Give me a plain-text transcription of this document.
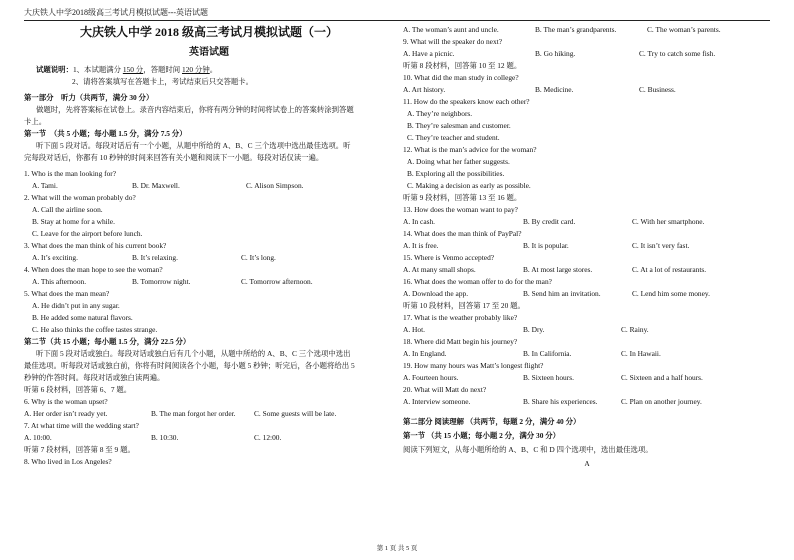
大庆铁人中学2018级高三考试月模拟试题---英语试题
大庆铁人中学 2018 级高三考试月模拟试题（一）
英语试题
试题说明：1、本试题满分 150 分，答题时间 120 分钟。
2、请将答案填写在答题卡上，考试结束后只交答题卡。
第一部分　听力（共两节，满分 30 分）
做题时，先将答案标在试卷上。录音内容结束后，你将有两分钟的时间将试卷上的答案转涂到答题
卡上。
第一节　（共 5 小题；每小题 1.5 分，满分 7.5 分）
听下面 5 段对话。每段对话后有一个小题，从题中所给的 A、B、C 三个选项中选出最佳选项。听
完每段对话后，你都有 10 秒钟的时间来回答有关小题和阅读下一小题。每段对话仅读一遍。
1. Who is the man looking for?
A. Tami.	B. Dr. Maxwell.	C. Alison Simpson.
2. What will the woman probably do?
A. Call the airline soon.
B. Stay at home for a while.
C. Leave for the airport before lunch.
3. What does the man think of his current book?
A. It’s exciting.	B. It’s relaxing.	C. It’s long.
4. When does the man hope to see the woman?
A. This afternoon.	B. Tomorrow night.	C. Tomorrow afternoon.
5. What does the man mean?
A. He didn’t put in any sugar.
B. He added some natural flavors.
C. He also thinks the coffee tastes strange.
第二节（共 15 小题；每小题 1.5 分，满分 22.5 分）
听下面 5 段对话或独白。每段对话或独白后有几个小题，从题中所给的 A、B、C 三个选项中选出
最佳选项。听每段对话或独白前，你将有时间阅读各个小题，每小题 5 秒钟；听完后，各小题将给出 5
秒钟的作答时间。每段对话或独白读两遍。
听第 6 段材料，回答第 6、7 题。
6. Why is the woman upset?
A. Her order isn’t ready yet.	B. The man forgot her order.	C. Some guests will be late.
7. At what time will the wedding start?
A. 10:00.	B. 10:30.	C. 12:00.
听第 7 段材料，回答第 8 至 9 题。
8. Who lived in Los Angeles?
A. The woman’s aunt and uncle.	B. The man’s grandparents.	C. The woman’s parents.
9. What will the speaker do next?
A. Have a picnic.	B. Go hiking.	C. Try to catch some fish.
听第 8 段材料，回答第 10 至 12 题。
10. What did the man study in college?
A. Art history.	B. Medicine.	C. Business.
11. How do the speakers know each other?
A. They’re neighbors.
B. They’re salesman and customer.
C. They’re teacher and student.
12. What is the man’s advice for the woman?
A. Doing what her father suggests.
B. Exploring all the possibilities.
C. Making a decision as early as possible.
听第 9 段材料，回答第 13 至 16 题。
13. How does the woman want to pay?
A. In cash.	B. By credit card.	C. With her smartphone.
14. What does the man think of PayPal?
A. It is free.	B. It is popular.	C. It isn’t very fast.
15. Where is Venmo accepted?
A. At many small shops.	B. At most large stores.	C. At a lot of restaurants.
16. What does the woman offer to do for the man?
A. Download the app.	B. Send him an invitation.	C. Lend him some money.
听第 10 段材料，回答第 17 至 20 题。
17. What is the weather probably like?
A. Hot.	B. Dry.	C. Rainy.
18. Where did Matt begin his journey?
A. In England.	B. In California.	C. In Hawaii.
19. How many hours was Matt’s longest flight?
A. Fourteen hours.	B. Sixteen hours.	C. Sixteen and a half hours.
20. What will Matt do next?
A. Interview someone.	B. Share his experiences.	C. Plan on another journey.
第二部分 阅读理解 （共两节，每题 2 分，满分 40 分）
第一节 （共 15 小题；每小题 2 分，满分 30 分）
阅读下列短文，从每小题所给的 A、B、C 和 D 四个选项中，选出最佳选项。
A
第 1 页 共 5 页
